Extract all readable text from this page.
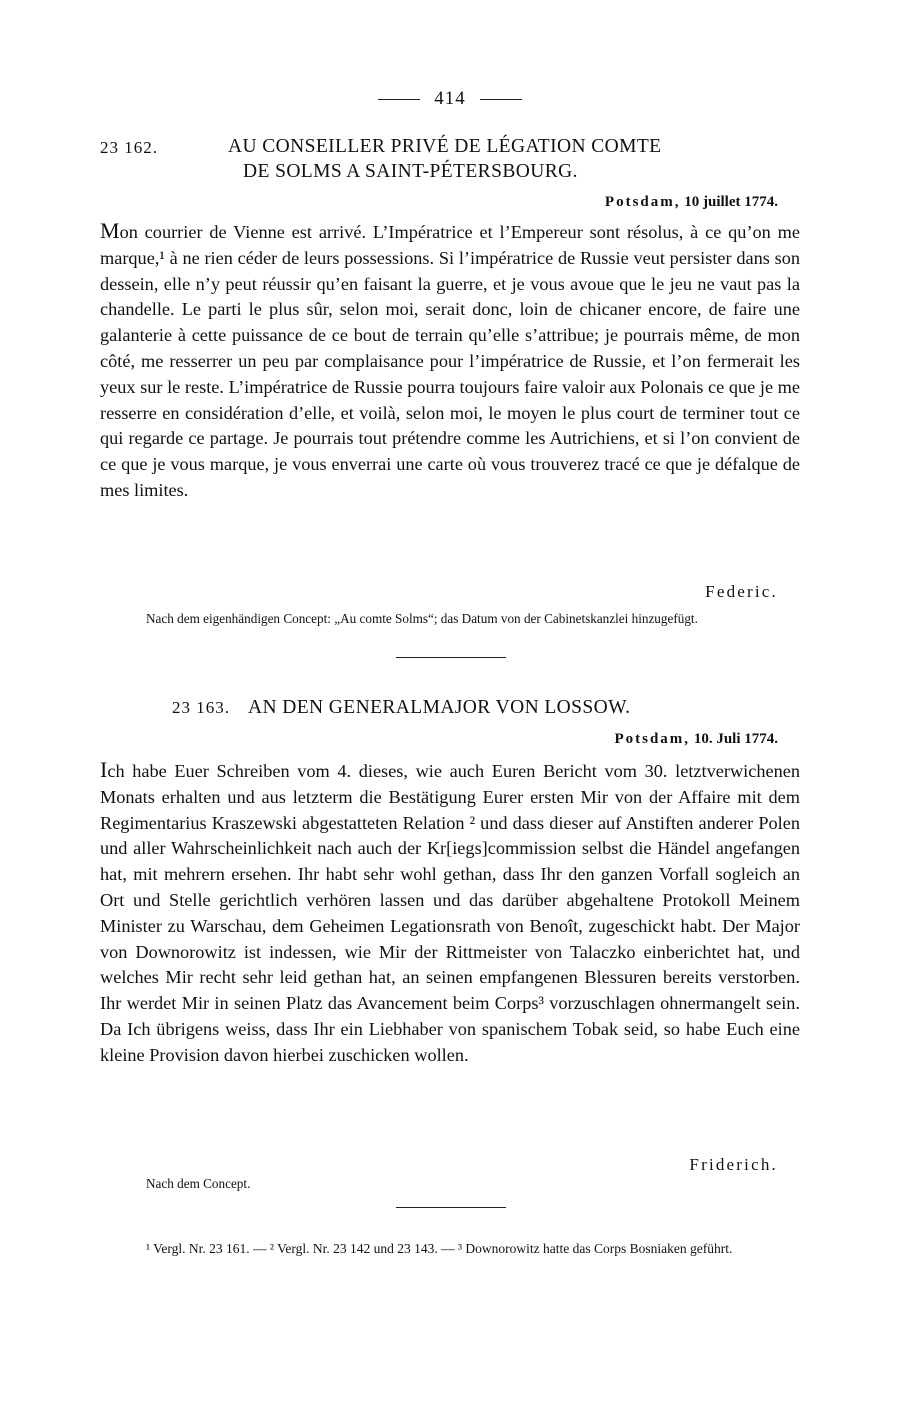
414
23 162.	AU CONSEILLER PRIVÉ DE LÉGATION COMTE
DE SOLMS A SAINT-PÉTERSBOURG.
Potsdam, 10 juillet 1774.
Mon courrier de Vienne est arrivé. L’Impératrice et l’Empereur sont résolus, à ce qu’on me marque,¹ à ne rien céder de leurs possessions. Si l’impératrice de Russie veut persister dans son dessein, elle n’y peut réussir qu’en faisant la guerre, et je vous avoue que le jeu ne vaut pas la chandelle. Le parti le plus sûr, selon moi, serait donc, loin de chicaner encore, de faire une galanterie à cette puissance de ce bout de terrain qu’elle s’attribue; je pourrais même, de mon côté, me resserrer un peu par complaisance pour l’impératrice de Russie, et l’on fermerait les yeux sur le reste. L’impératrice de Russie pourra toujours faire valoir aux Polonais ce que je me resserre en considération d’elle, et voilà, selon moi, le moyen le plus court de terminer tout ce qui regarde ce partage. Je pourrais tout prétendre comme les Autrichiens, et si l’on convient de ce que je vous marque, je vous enverrai une carte où vous trouverez tracé ce que je défalque de mes limites.
Federic.
Nach dem eigenhändigen Concept: „Au comte Solms“; das Datum von der Cabinetskanzlei hinzugefügt.
23 163. AN DEN GENERALMAJOR VON LOSSOW.
Potsdam, 10. Juli 1774.
Ich habe Euer Schreiben vom 4. dieses, wie auch Euren Bericht vom 30. letztverwichenen Monats erhalten und aus letzterm die Bestätigung Eurer ersten Mir von der Affaire mit dem Regimentarius Kraszewski abgestatteten Relation ² und dass dieser auf Anstiften anderer Polen und aller Wahrscheinlichkeit nach auch der Kr[iegs]commission selbst die Händel angefangen hat, mit mehrern ersehen. Ihr habt sehr wohl gethan, dass Ihr den ganzen Vorfall sogleich an Ort und Stelle gerichtlich verhören lassen und das darüber abgehaltene Protokoll Meinem Minister zu Warschau, dem Geheimen Legationsrath von Benoît, zugeschickt habt. Der Major von Downorowitz ist indessen, wie Mir der Rittmeister von Talaczko einberichtet hat, und welches Mir recht sehr leid gethan hat, an seinen empfangenen Blessuren bereits verstorben. Ihr werdet Mir in seinen Platz das Avancement beim Corps³ vorzuschlagen ohnermangelt sein. Da Ich übrigens weiss, dass Ihr ein Liebhaber von spanischem Tobak seid, so habe Euch eine kleine Provision davon hierbei zuschicken wollen.
Friderich.
Nach dem Concept.
¹ Vergl. Nr. 23 161. — ² Vergl. Nr. 23 142 und 23 143. — ³ Downorowitz hatte das Corps Bosniaken geführt.
